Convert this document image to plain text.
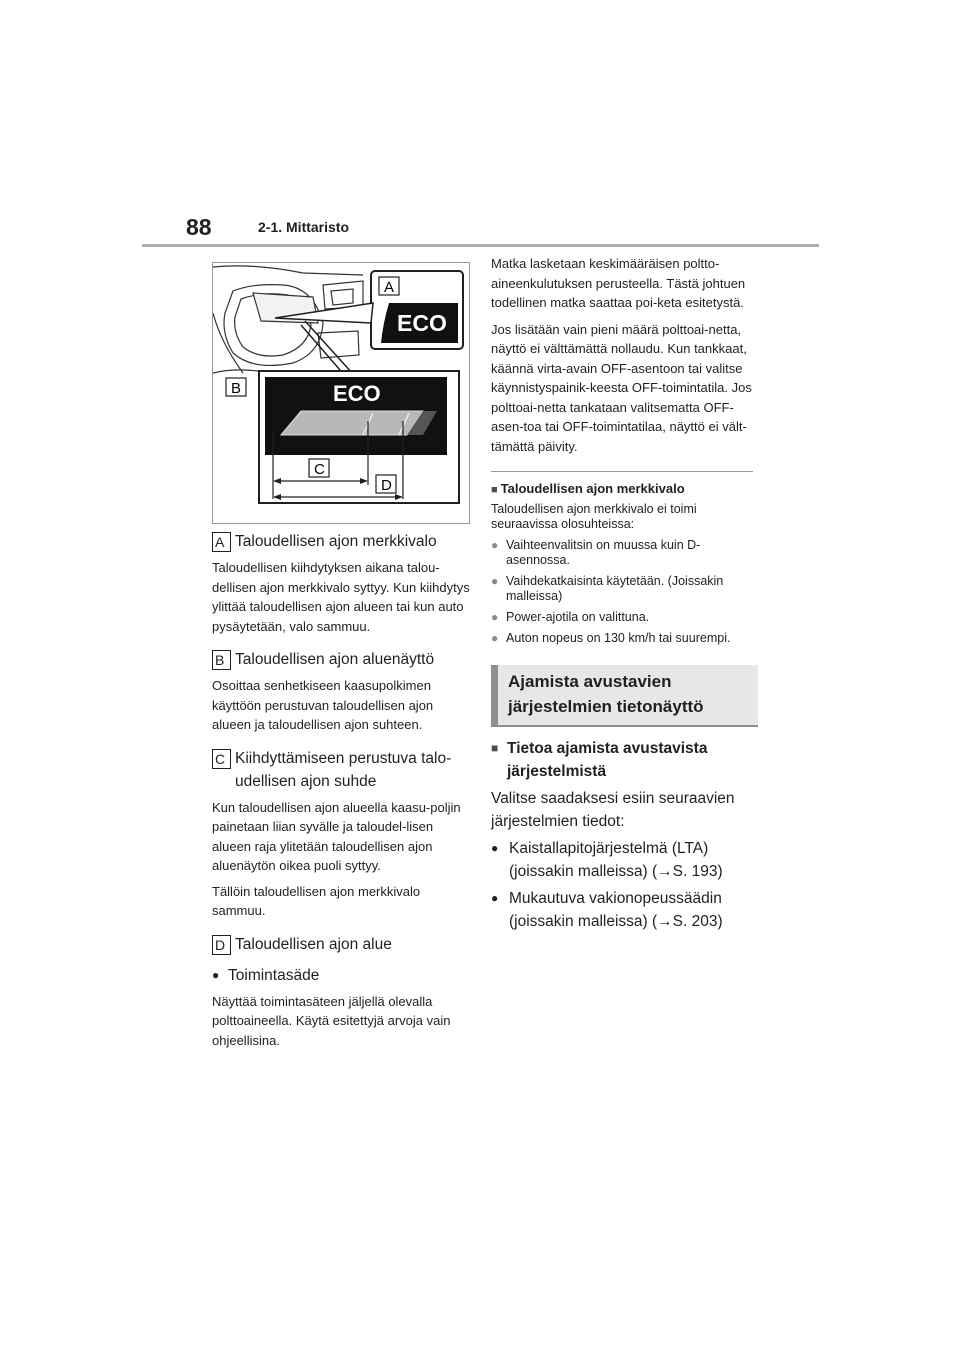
88	2-1. Mittaristo
A
ECO
B	ECO
C
D
A Taloudellisen ajon merkkivalo
Taloudellisen kiihdytyksen aikana talou-dellisen ajon merkkivalo syttyy. Kun kiihdytys ylittää taloudellisen ajon alueen tai kun auto pysäytetään, valo sammuu.
B Taloudellisen ajon aluenäyttö
Osoittaa senhetkiseen kaasupolkimen käyttöön perustuvan taloudellisen ajon alueen ja taloudellisen ajon suhteen.
C Kiihdyttämiseen perustuva talo-
udellisen ajon suhde
Kun taloudellisen ajon alueella kaasu-poljin painetaan liian syvälle ja taloudel-lisen alueen raja ylitetään taloudellisen ajon aluenäytön oikea puoli syttyy.
Tällöin taloudellisen ajon merkkivalo sammuu.
D Taloudellisen ajon alue
● Toimintasäde
Näyttää toimintasäteen jäljellä olevalla polttoaineella. Käytä esitettyjä arvoja vain ohjeellisina.
Matka lasketaan keskimääräisen poltto-aineenkulutuksen perusteella. Tästä johtuen todellinen matka saattaa poi-keta esitetystä.
Jos lisätään vain pieni määrä polttoai-netta, näyttö ei välttämättä nollaudu. Kun tankkaat, käännä virta-avain OFF-asentoon tai valitse käynnistyspainik-keesta OFF-toimintatila. Jos polttoai-netta tankataan valitsematta OFF-asen-toa tai OFF-toimintatilaa, näyttö ei vält-tämättä päivity.
■ Taloudellisen ajon merkkivalo
Taloudellisen ajon merkkivalo ei toimi seuraavissa olosuhteissa:
● Vaihteenvalitsin on muussa kuin D-asennossa.
● Vaihdekatkaisinta käytetään. (Joissakin malleissa)
● Power-ajotila on valittuna.
● Auton nopeus on 130 km/h tai suurempi.
Ajamista avustavien
järjestelmien tietonäyttö
■ Tietoa ajamista avustavista
järjestelmistä
Valitse saadaksesi esiin seuraavien
järjestelmien tiedot:
● Kaistallapitojärjestelmä (LTA)
(joissakin malleissa) (→S. 193)
● Mukautuva vakionopeussäädin
(joissakin malleissa) (→S. 203)
